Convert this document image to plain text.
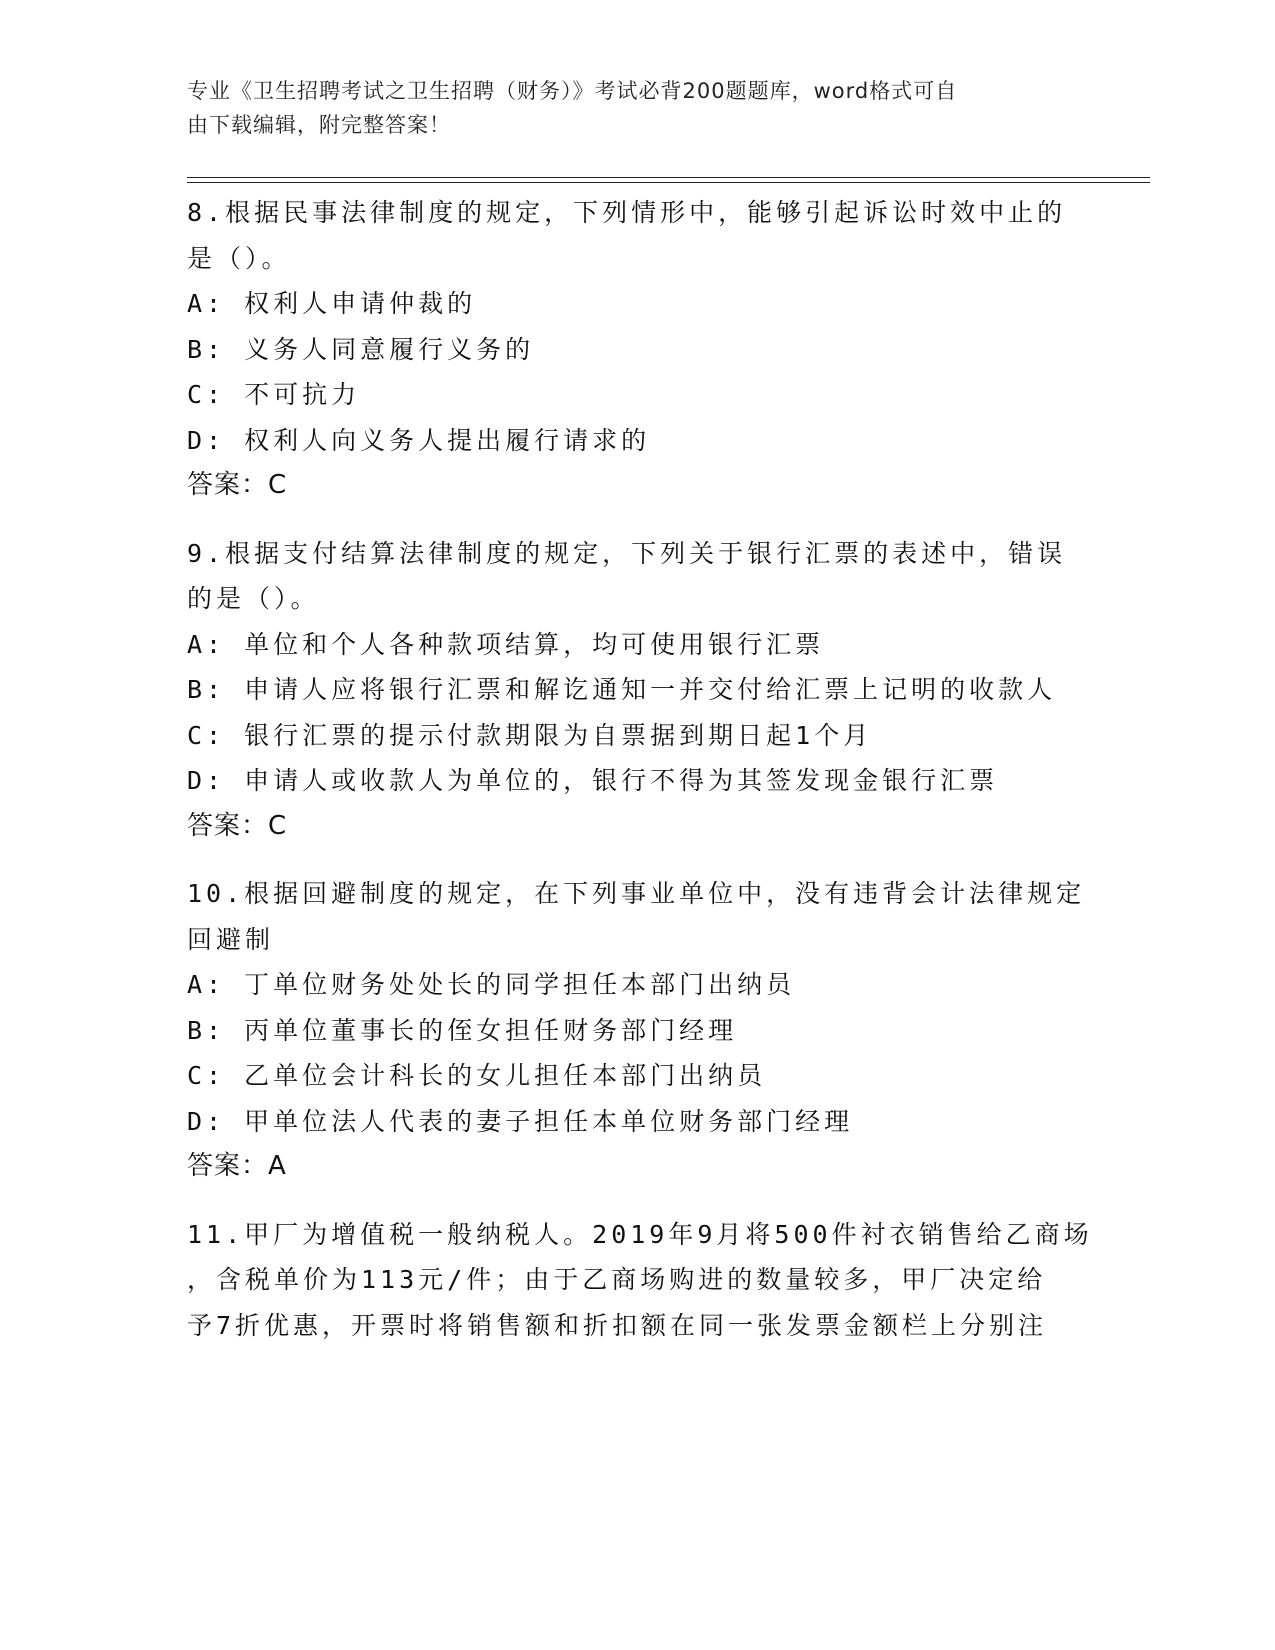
专业《卫生招聘考试之卫生招聘（财务）》考试必背200题题库，word格式可自
由下载编辑，附完整答案！
8.根据民事法律制度的规定，下列情形中，能够引起诉讼时效中止的
是（）。
A: 权利人申请仲裁的
B: 义务人同意履行义务的
C: 不可抗力
D: 权利人向义务人提出履行请求的
答案：C
9.根据支付结算法律制度的规定，下列关于银行汇票的表述中，错误
的是（）。
A: 单位和个人各种款项结算，均可使用银行汇票
B: 申请人应将银行汇票和解讫通知一并交付给汇票上记明的收款人
C: 银行汇票的提示付款期限为自票据到期日起1个月
D: 申请人或收款人为单位的，银行不得为其签发现金银行汇票
答案：C
10.根据回避制度的规定，在下列事业单位中，没有违背会计法律规定
回避制
A: 丁单位财务处处长的同学担任本部门出纳员
B: 丙单位董事长的侄女担任财务部门经理
C: 乙单位会计科长的女儿担任本部门出纳员
D: 甲单位法人代表的妻子担任本单位财务部门经理
答案：A
11.甲厂为增值税一般纳税人。2019年9月将500件衬衣销售给乙商场
，含税单价为113元/件；由于乙商场购进的数量较多，甲厂决定给
予7折优惠，开票时将销售额和折扣额在同一张发票金额栏上分别注
